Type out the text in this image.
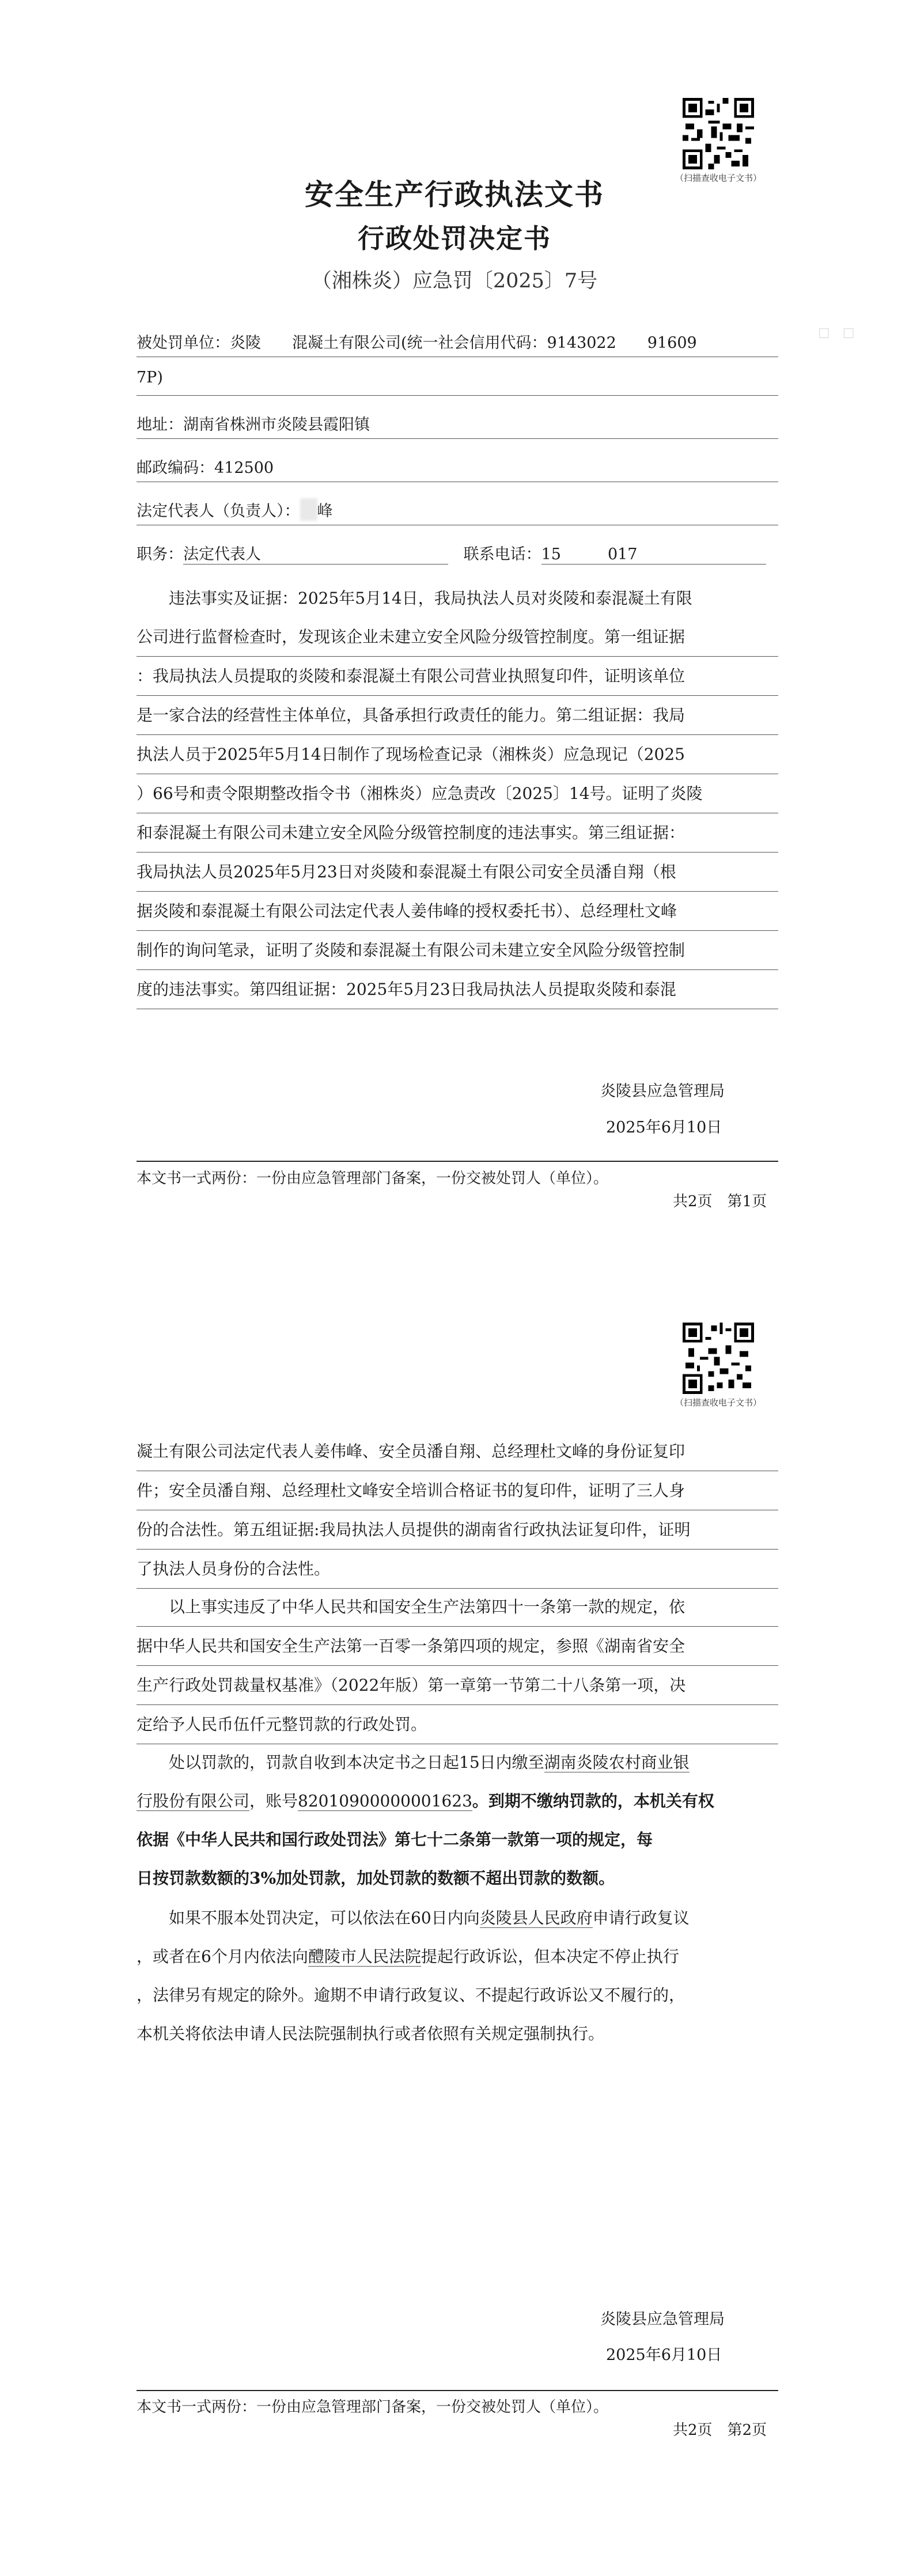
（扫描查收电子文书）
安全生产行政执法文书
行政处罚决定书
（湘株炎）应急罚〔2025〕7号
□　□
被处罚单位：炎陵　　混凝土有限公司(统一社会信用代码：9143022　　91609
7P)
地址：湖南省株洲市炎陵县霞阳镇
邮政编码：412500
法定代表人（负责人）： 峰
职务：法定代表人	联系电话：15　　　017

　　违法事实及证据：2025年5月14日，我局执法人员对炎陵和泰混凝土有限

公司进行监督检查时，发现该企业未建立安全风险分级管控制度。第一组证据

：我局执法人员提取的炎陵和泰混凝土有限公司营业执照复印件，证明该单位

是一家合法的经营性主体单位，具备承担行政责任的能力。第二组证据：我局

执法人员于2025年5月14日制作了现场检查记录（湘株炎）应急现记（2025

）66号和责令限期整改指令书（湘株炎）应急责改〔2025〕14号。证明了炎陵

和泰混凝土有限公司未建立安全风险分级管控制度的违法事实。第三组证据：

我局执法人员2025年5月23日对炎陵和泰混凝土有限公司安全员潘自翔（根

据炎陵和泰混凝土有限公司法定代表人姜伟峰的授权委托书）、总经理杜文峰

制作的询问笔录，证明了炎陵和泰混凝土有限公司未建立安全风险分级管控制

度的违法事实。第四组证据：2025年5月23日我局执法人员提取炎陵和泰混

炎陵县应急管理局
2025年6月10日
本文书一式两份：一份由应急管理部门备案，一份交被处罚人（单位）。
共2页　第1页
（扫描查收电子文书）

凝土有限公司法定代表人姜伟峰、安全员潘自翔、总经理杜文峰的身份证复印

件；安全员潘自翔、总经理杜文峰安全培训合格证书的复印件，证明了三人身

份的合法性。第五组证据:我局执法人员提供的湖南省行政执法证复印件，证明

了执法人员身份的合法性。

　　以上事实违反了中华人民共和国安全生产法第四十一条第一款的规定，依

据中华人民共和国安全生产法第一百零一条第四项的规定，参照《湖南省安全

生产行政处罚裁量权基准》（2022年版）第一章第一节第二十八条第一项，决

定给予人民币伍仟元整罚款的行政处罚。

　　处以罚款的，罚款自收到本决定书之日起15日内缴至湖南炎陵农村商业银

行股份有限公司，账号82010900000001623。到期不缴纳罚款的，本机关有权

依据《中华人民共和国行政处罚法》第七十二条第一款第一项的规定，每

日按罚款数额的3%加处罚款，加处罚款的数额不超出罚款的数额。

　　如果不服本处罚决定，可以依法在60日内向炎陵县人民政府申请行政复议

，或者在6个月内依法向醴陵市人民法院提起行政诉讼，但本决定不停止执行

，法律另有规定的除外。逾期不申请行政复议、不提起行政诉讼又不履行的，

本机关将依法申请人民法院强制执行或者依照有关规定强制执行。

炎陵县应急管理局
2025年6月10日
本文书一式两份：一份由应急管理部门备案，一份交被处罚人（单位）。
共2页　第2页
